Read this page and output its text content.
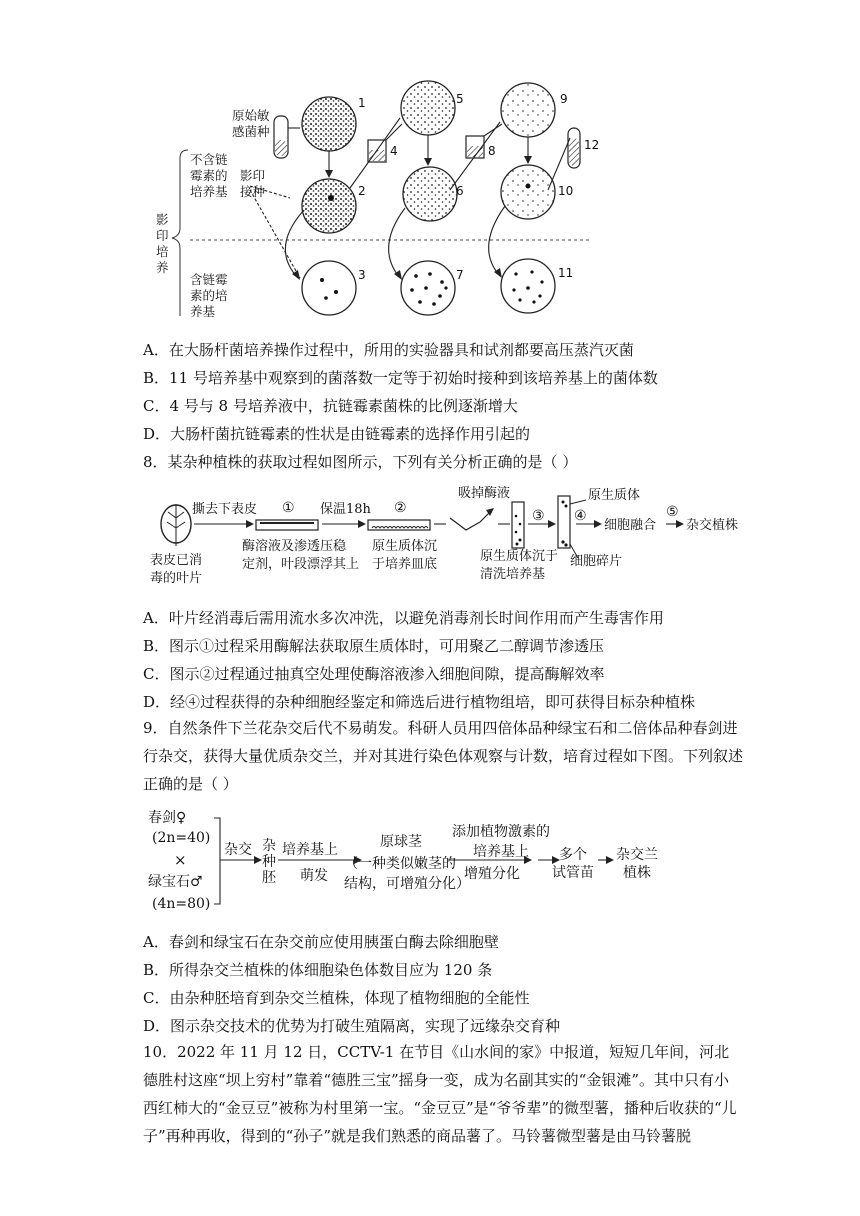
原始敏
感菌种
不含链
霉素的
培养基
影印
接种
影
印
培
养
含链霉
素的培
养基
1
2
3
4
5
6
7
8
9
10
11
12
A．在大肠杆菌培养操作过程中，所用的实验器具和试剂都要高压蒸汽灭菌
B．11 号培养基中观察到的菌落数一定等于初始时接种到该培养基上的菌体数
C．4 号与 8 号培养液中，抗链霉素菌株的比例逐渐增大
D．大肠杆菌抗链霉素的性状是由链霉素的选择作用引起的
8．某杂种植株的获取过程如图所示，下列有关分析正确的是（ ）
表皮已消
毒的叶片
撕去下表皮 ① 保温18h ②
吸掉酶液
③ ④
原生质体
⑤
细胞融合 杂交植株
酶溶液及渗透压稳
定剂，叶段漂浮其上
原生质体沉
于培养皿底
原生质体沉于
清洗培养基
细胞碎片
A．叶片经消毒后需用流水多次冲洗，以避免消毒剂长时间作用而产生毒害作用
B．图示①过程采用酶解法获取原生质体时，可用聚乙二醇调节渗透压
C．图示②过程通过抽真空处理使酶溶液渗入细胞间隙，提高酶解效率
D．经④过程获得的杂种细胞经鉴定和筛选后进行植物组培，即可获得目标杂种植株
9．自然条件下兰花杂交后代不易萌发。科研人员用四倍体品种绿宝石和二倍体品种春剑进行杂交，获得大量优质杂交兰，并对其进行染色体观察与计数，培育过程如下图。下列叙述正确的是（ ）
春剑♀
(2n=40)
×
绿宝石♂
(4n=80)
杂交 杂
种
胚
培养基上
萌发
原球茎
（一种类似嫩茎的
结构，可增殖分化）
添加植物激素的
培养基上
增殖分化
多个
试管苗
杂交兰
植株
A．春剑和绿宝石在杂交前应使用胰蛋白酶去除细胞壁
B．所得杂交兰植株的体细胞染色体数目应为 120 条
C．由杂种胚培育到杂交兰植株，体现了植物细胞的全能性
D．图示杂交技术的优势为打破生殖隔离，实现了远缘杂交育种
10．2022 年 11 月 12 日，CCTV-1 在节目《山水间的家》中报道，短短几年间，河北德胜村这座“坝上穷村”靠着“德胜三宝”摇身一变，成为名副其实的“金银滩”。其中只有小西红柿大的“金豆豆”被称为村里第一宝。“金豆豆”是“爷爷辈”的微型薯，播种后收获的“儿子”再种再收，得到的“孙子”就是我们熟悉的商品薯了。马铃薯微型薯是由马铃薯脱
